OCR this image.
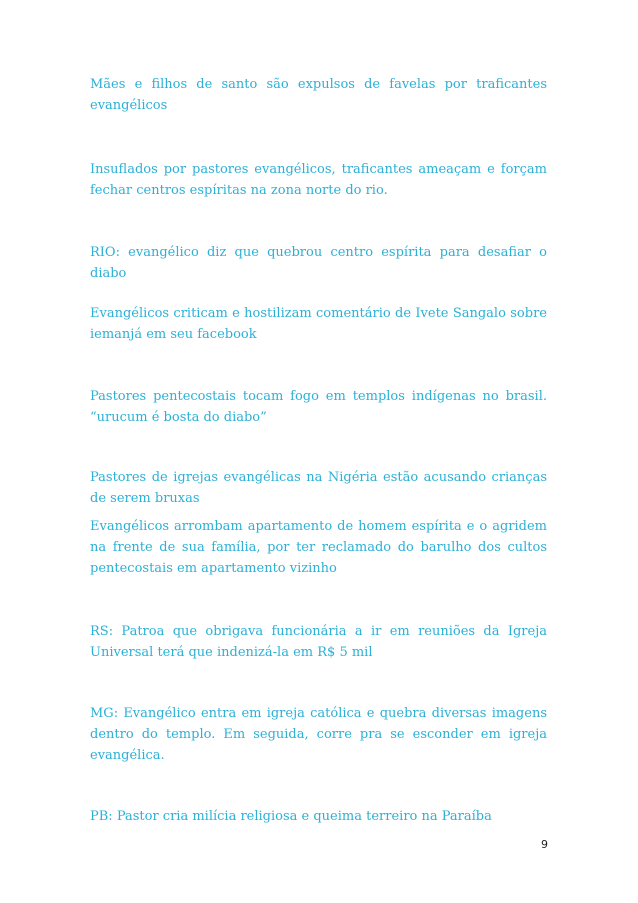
Mães e filhos de santo são expulsos de favelas por traficantes evangélicos

Insuflados por pastores evangélicos, traficantes ameaçam e forçam fechar centros espíritas na zona norte do rio.

RIO: evangélico diz que quebrou centro espírita para desafiar o diabo

Evangélicos criticam e hostilizam comentário de Ivete Sangalo sobre iemanjá em seu facebook

Pastores pentecostais tocam fogo em templos indígenas no brasil. “urucum é bosta do diabo”

Pastores de igrejas evangélicas na Nigéria estão acusando crianças de serem bruxas

Evangélicos arrombam apartamento de homem espírita e o agridem na frente de sua família, por ter reclamado do barulho dos cultos pentecostais em apartamento vizinho

RS: Patroa que obrigava funcionária a ir em reuniões da Igreja Universal terá que indenizá-la em R$ 5 mil

MG: Evangélico entra em igreja católica e quebra diversas imagens dentro do templo. Em seguida, corre pra se esconder em igreja evangélica.

PB: Pastor cria milícia religiosa e queima terreiro na Paraíba

9
